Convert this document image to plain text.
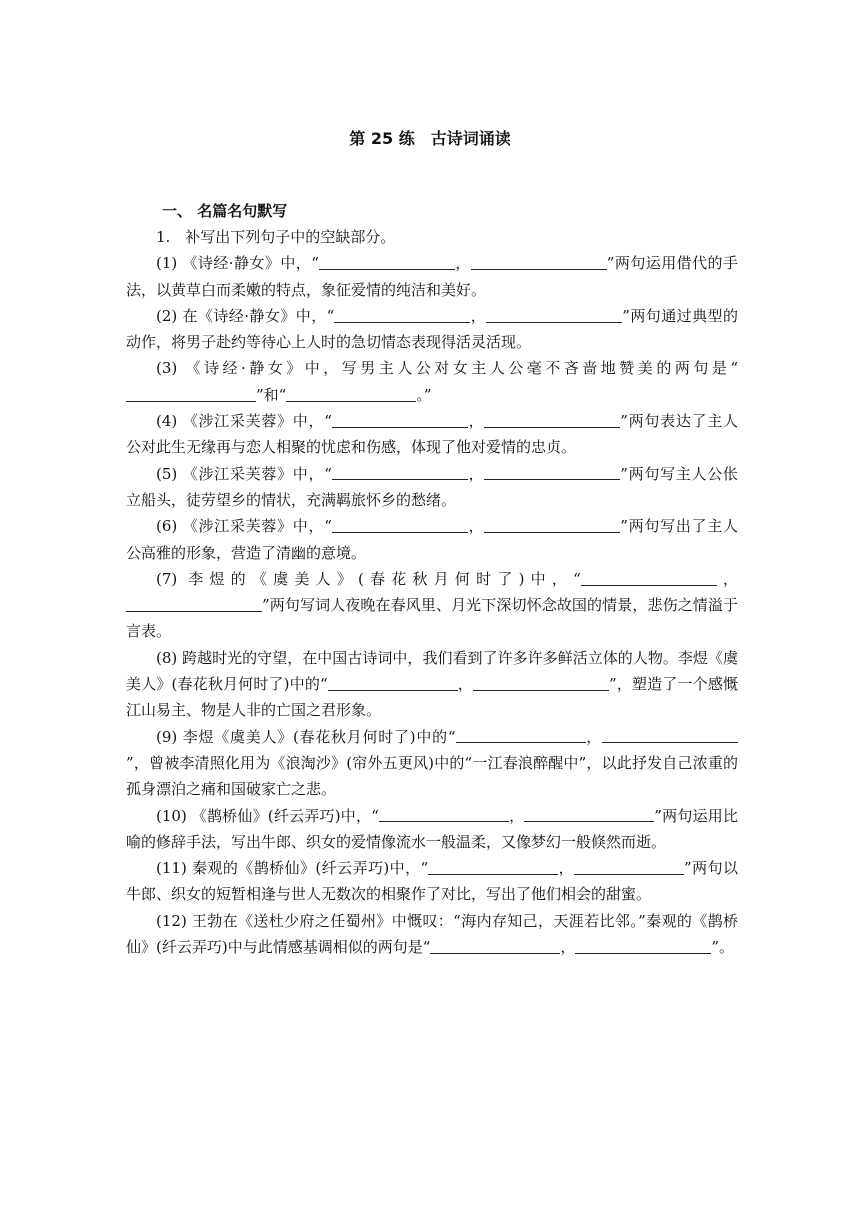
第 25 练　古诗词诵读
一、 名篇名句默写

1.　补写出下列句子中的空缺部分。

(1) 《诗经·静女》中，“	，	”两句运用借代的手法，以黄草白而柔嫩的特点，象征爱情的纯洁和美好。

(2) 在《诗经·静女》中，“	，	”两句通过典型的动作，将男子赴约等待心上人时的急切情态表现得活灵活现。

(3) 《诗经·静女》中，写男主人公对女主人公毫不吝啬地赞美的两句是“”和“	。”

(4) 《涉江采芙蓉》中，“	，	”两句表达了主人公对此生无缘再与恋人相聚的忧虑和伤感，体现了他对爱情的忠贞。

(5) 《涉江采芙蓉》中，“	，	”两句写主人公伥立船头，徒劳望乡的情状，充满羁旅怀乡的愁绪。

(6) 《涉江采芙蓉》中，“	，	”两句写出了主人公高雅的形象，营造了清幽的意境。

(7) 李煜的《虞美人》(春花秋月何时了)中，“	，”两句写词人夜晚在春风里、月光下深切怀念故国的情景，悲伤之情溢于言表。

(8) 跨越时光的守望，在中国古诗词中，我们看到了许多许多鲜活立体的人物。李煜《虞美人》(春花秋月何时了)中的“	，	”，塑造了一个感慨江山易主、物是人非的亡国之君形象。

(9) 李煜《虞美人》(春花秋月何时了)中的“	，”，曾被李清照化用为《浪淘沙》(帘外五更风)中的“一江春浪醉醒中”，以此抒发自己浓重的孤身漂泊之痛和国破家亡之悲。

(10) 《鹊桥仙》(纤云弄巧)中，“	，	”两句运用比喻的修辞手法，写出牛郎、织女的爱情像流水一般温柔，又像梦幻一般倏然而逝。

(11) 秦观的《鹊桥仙》(纤云弄巧)中，“	，	”两句以牛郎、织女的短暂相逢与世人无数次的相聚作了对比，写出了他们相会的甜蜜。

(12) 王勃在《送杜少府之任蜀州》中慨叹：“海内存知己，天涯若比邻。”秦观的《鹊桥仙》(纤云弄巧)中与此情感基调相似的两句是“	，	”。
